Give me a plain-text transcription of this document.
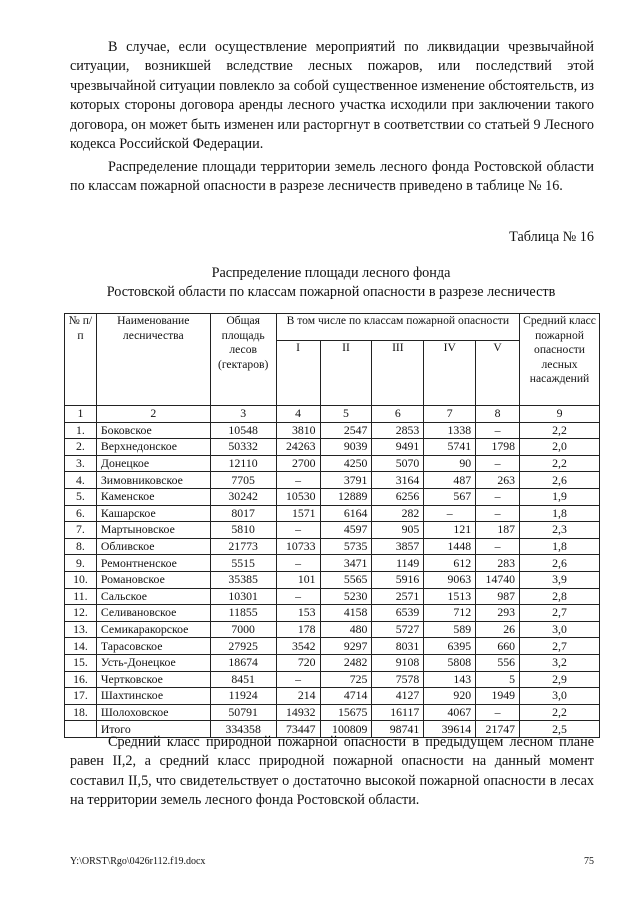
В случае, если осуществление мероприятий по ликвидации чрезвычайной ситуации, возникшей вследствие лесных пожаров, или последствий этой чрезвычайной ситуации повлекло за собой существенное изменение обстоятельств, из которых стороны договора аренды лесного участка исходили при заключении такого договора, он может быть изменен или расторгнут в соответствии со статьей 9 Лесного кодекса Российской Федерации.

Распределение площади территории земель лесного фонда Ростовской области по классам пожарной опасности в разрезе лесничеств приведено в таблице № 16.

Таблица № 16

Распределение площади лесного фонда

Ростовской области по классам пожарной опасности в разрезе лесничеств

№ п/п	Наименование лесничества	Общая площадь лесов (гектаров)	В том числе по классам пожарной опасности					Средний класс пожарной опасности лесных насаждений
			I	II	III	IV	V	
1	2	3	4	5	6	7	8	9
1.	Боковское	10548	3810	2547	2853	1338	–	2,2
2.	Верхнедонское	50332	24263	9039	9491	5741	1798	2,0
3.	Донецкое	12110	2700	4250	5070	90	–	2,2
4.	Зимовниковское	7705	–	3791	3164	487	263	2,6
5.	Каменское	30242	10530	12889	6256	567	–	1,9
6.	Кашарское	8017	1571	6164	282	–	–	1,8
7.	Мартыновское	5810	–	4597	905	121	187	2,3
8.	Обливское	21773	10733	5735	3857	1448	–	1,8
9.	Ремонтненское	5515	–	3471	1149	612	283	2,6
10.	Романовское	35385	101	5565	5916	9063	14740	3,9
11.	Сальское	10301	–	5230	2571	1513	987	2,8
12.	Селивановское	11855	153	4158	6539	712	293	2,7
13.	Семикаракорское	7000	178	480	5727	589	26	3,0
14.	Тарасовское	27925	3542	9297	8031	6395	660	2,7
15.	Усть-Донецкое	18674	720	2482	9108	5808	556	3,2
16.	Чертковское	8451	–	725	7578	143	5	2,9
17.	Шахтинское	11924	214	4714	4127	920	1949	3,0
18.	Шолоховское	50791	14932	15675	16117	4067	–	2,2
	Итого	334358	73447	100809	98741	39614	21747	2,5

Средний класс природной пожарной опасности в предыдущем лесном плане равен II,2, а средний класс природной пожарной опасности на данный момент составил II,5, что свидетельствует о достаточно высокой пожарной опасности в лесах на территории земель лесного фонда Ростовской области.

Y:\ORST\Rgo\0426r112.f19.docx	75
